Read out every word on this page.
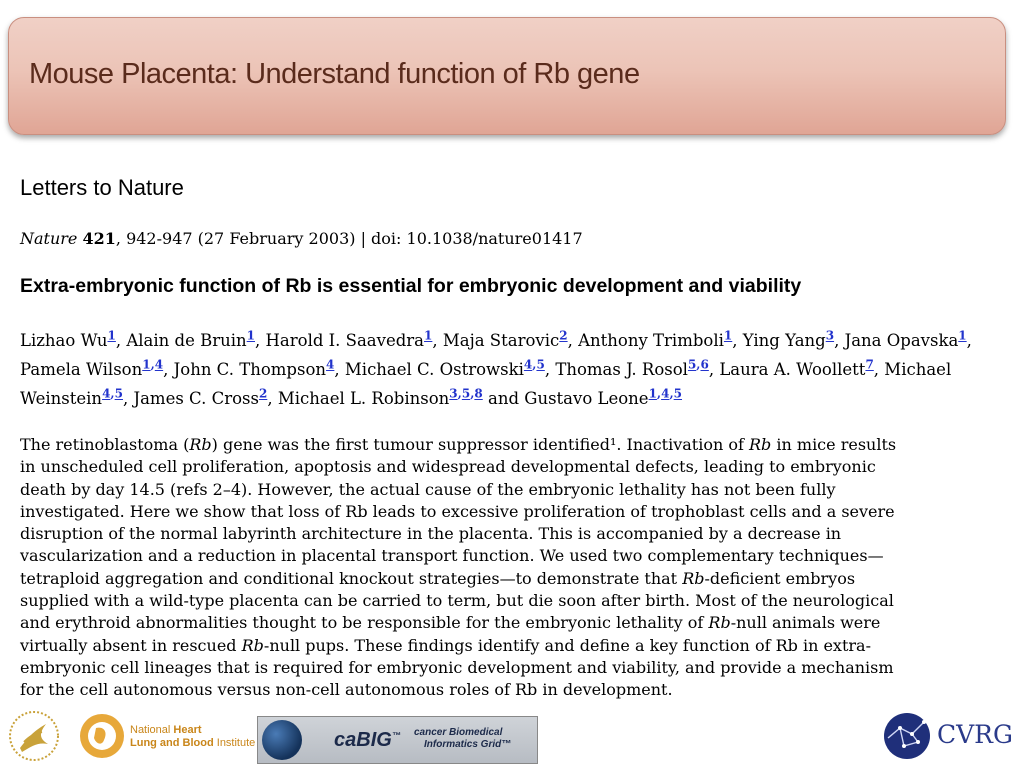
Mouse Placenta: Understand function of Rb gene
Letters to Nature
Nature 421, 942-947 (27 February 2003) | doi: 10.1038/nature01417
Extra-embryonic function of Rb is essential for embryonic development and viability
Lizhao Wu$^1$, Alain de Bruin$^1$, Harold I. Saavedra$^1$, Maja Starovic$^2$, Anthony Trimboli$^1$, Ying Yang$^3$, Jana Opavska$^1$, Pamela Wilson$^{1,4}$, John C. Thompson$^4$, Michael C. Ostrowski$^{4,5}$, Thomas J. Rosol$^{5,6}$, Laura A. Woollett$^7$, Michael Weinstein$^{4,5}$, James C. Cross$^2$, Michael L. Robinson$^{3,5,8}$ and Gustavo Leone$^{1,4,5}$

The retinoblastoma (Rb) gene was the first tumour suppressor identified¹. Inactivation of Rb in mice results

in unscheduled cell proliferation, apoptosis and widespread developmental defects, leading to embryonic

death by day 14.5 (refs 2–4). However, the actual cause of the embryonic lethality has not been fully

investigated. Here we show that loss of Rb leads to excessive proliferation of trophoblast cells and a severe

disruption of the normal labyrinth architecture in the placenta. This is accompanied by a decrease in

vascularization and a reduction in placental transport function. We used two complementary techniques—

tetraploid aggregation and conditional knockout strategies—to demonstrate that Rb-deficient embryos

supplied with a wild-type placenta can be carried to term, but die soon after birth. Most of the neurological

and erythroid abnormalities thought to be responsible for the embryonic lethality of Rb-null animals were

virtually absent in rescued Rb-null pups. These findings identify and define a key function of Rb in extra-

embryonic cell lineages that is required for embryonic development and viability, and provide a mechanism

for the cell autonomous versus non-cell autonomous roles of Rb in development.

National Heart
Lung and Blood Institute	caBIG™ cancer Biomedical
Informatics Grid™	CVRG
